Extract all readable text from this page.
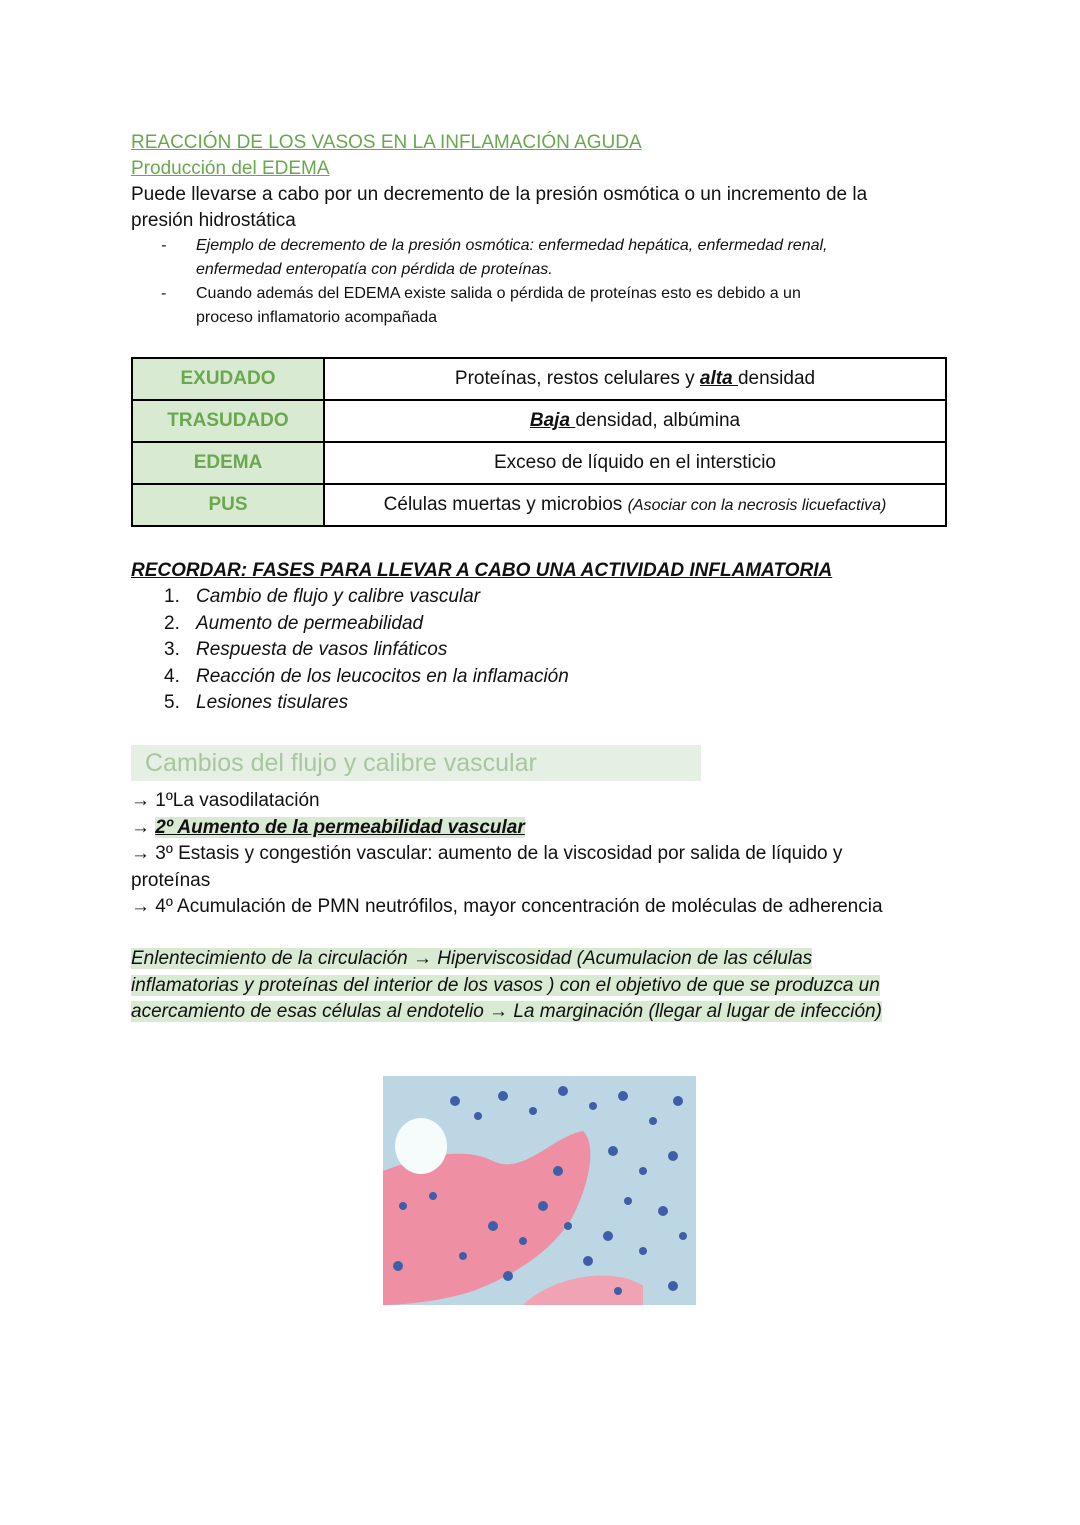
REACCIÓN DE LOS VASOS EN LA INFLAMACIÓN AGUDA
Producción del EDEMA
Puede llevarse a cabo por un decremento de la presión osmótica o un incremento de la
presión hidrostática
- Ejemplo de decremento de la presión osmótica: enfermedad hepática, enfermedad renal,
enfermedad enteropatía con pérdida de proteínas.
- Cuando además del EDEMA existe salida o pérdida de proteínas esto es debido a un
proceso inflamatorio acompañada
EXUDADO	Proteínas, restos celulares y alta densidad
TRASUDADO	Baja densidad, albúmina
EDEMA	Exceso de líquido en el intersticio
PUS	Células muertas y microbios (Asociar con la necrosis licuefactiva)
RECORDAR: FASES PARA LLEVAR A CABO UNA ACTIVIDAD INFLAMATORIA
1. Cambio de flujo y calibre vascular
2. Aumento de permeabilidad
3. Respuesta de vasos linfáticos
4. Reacción de los leucocitos en la inflamación
5. Lesiones tisulares
Cambios del flujo y calibre vascular

→ 1ºLa vasodilatación

→ 2º Aumento de la permeabilidad vascular

→ 3º Estasis y congestión vascular: aumento de la viscosidad por salida de líquido y

proteínas

→ 4º Acumulación de PMN neutrófilos, mayor concentración de moléculas de adherencia

Enlentecimiento de la circulación → Hiperviscosidad (Acumulacion de las células
inflamatorias y proteínas del interior de los vasos ) con el objetivo de que se produzca un
acercamiento de esas células al endotelio → La marginación (llegar al lugar de infección)
